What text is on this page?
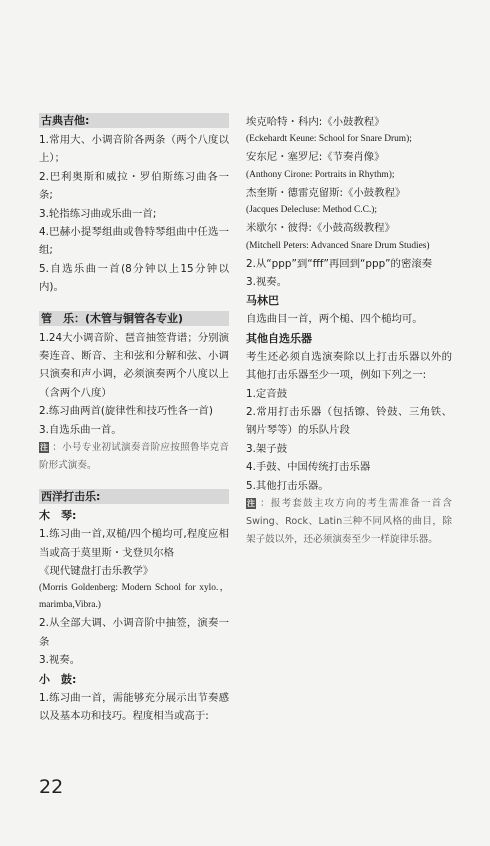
古典吉他:

1.常用大、小调音阶各两条（两个八度以上）；

2.巴利奥斯和威拉・罗伯斯练习曲各一条;

3.轮指练习曲或乐曲一首;

4.巴赫小提琴组曲或鲁特琴组曲中任选一组;

5.自选乐曲一首(8分钟以上15分钟以内)。

管　乐：(木管与铜管各专业)

1.24大小调音阶、琶音抽签背谱；分别演奏连音、断音、主和弦和分解和弦、小调只演奏和声小调，必须演奏两个八度以上（含两个八度）

2.练习曲两首(旋律性和技巧性各一首)

3.自选乐曲一首。

注 ：小号专业初试演奏音阶应按照鲁毕克音阶形式演奏。

西洋打击乐:
木　琴:

1.练习曲一首,双槌/四个槌均可,程度应相当或高于莫里斯・戈登贝尔格

《现代键盘打击乐教学》

(Morris Goldenberg: Modern School for xylo.，marimba,Vibra.)

2.从全部大调、小调音阶中抽签，演奏一条

3.视奏。

小　鼓:

1.练习曲一首，需能够充分展示出节奏感以及基本功和技巧。程度相当或高于:

埃克哈特・科内:《小鼓教程》

(Eckehardt Keune: School for Snare Drum);

安东尼・塞罗尼:《节奏肖像》

(Anthony Cirone: Portraits in Rhythm);

杰奎斯・德雷克留斯:《小鼓教程》

(Jacques Delecluse: Method C.C.);

米歇尔・彼得:《小鼓高级教程》

(Mitchell Peters: Advanced Snare Drum Studies)

2.从“ppp”到“fff”再回到“ppp”的密滚奏

3.视奏。

马林巴

自选曲目一首，两个槌、四个槌均可。

其他自选乐器

考生还必须自选演奏除以上打击乐器以外的其他打击乐器至少一项，例如下列之一:

1.定音鼓

2.常用打击乐器（包括镲、铃鼓、三角铁、钢片琴等）的乐队片段

3.架子鼓

4.手鼓、中国传统打击乐器

5.其他打击乐器。

注 ：报考套鼓主攻方向的考生需准备一首含Swing、Rock、Latin三种不同风格的曲目，除架子鼓以外，还必须演奏至少一样旋律乐器。

22
